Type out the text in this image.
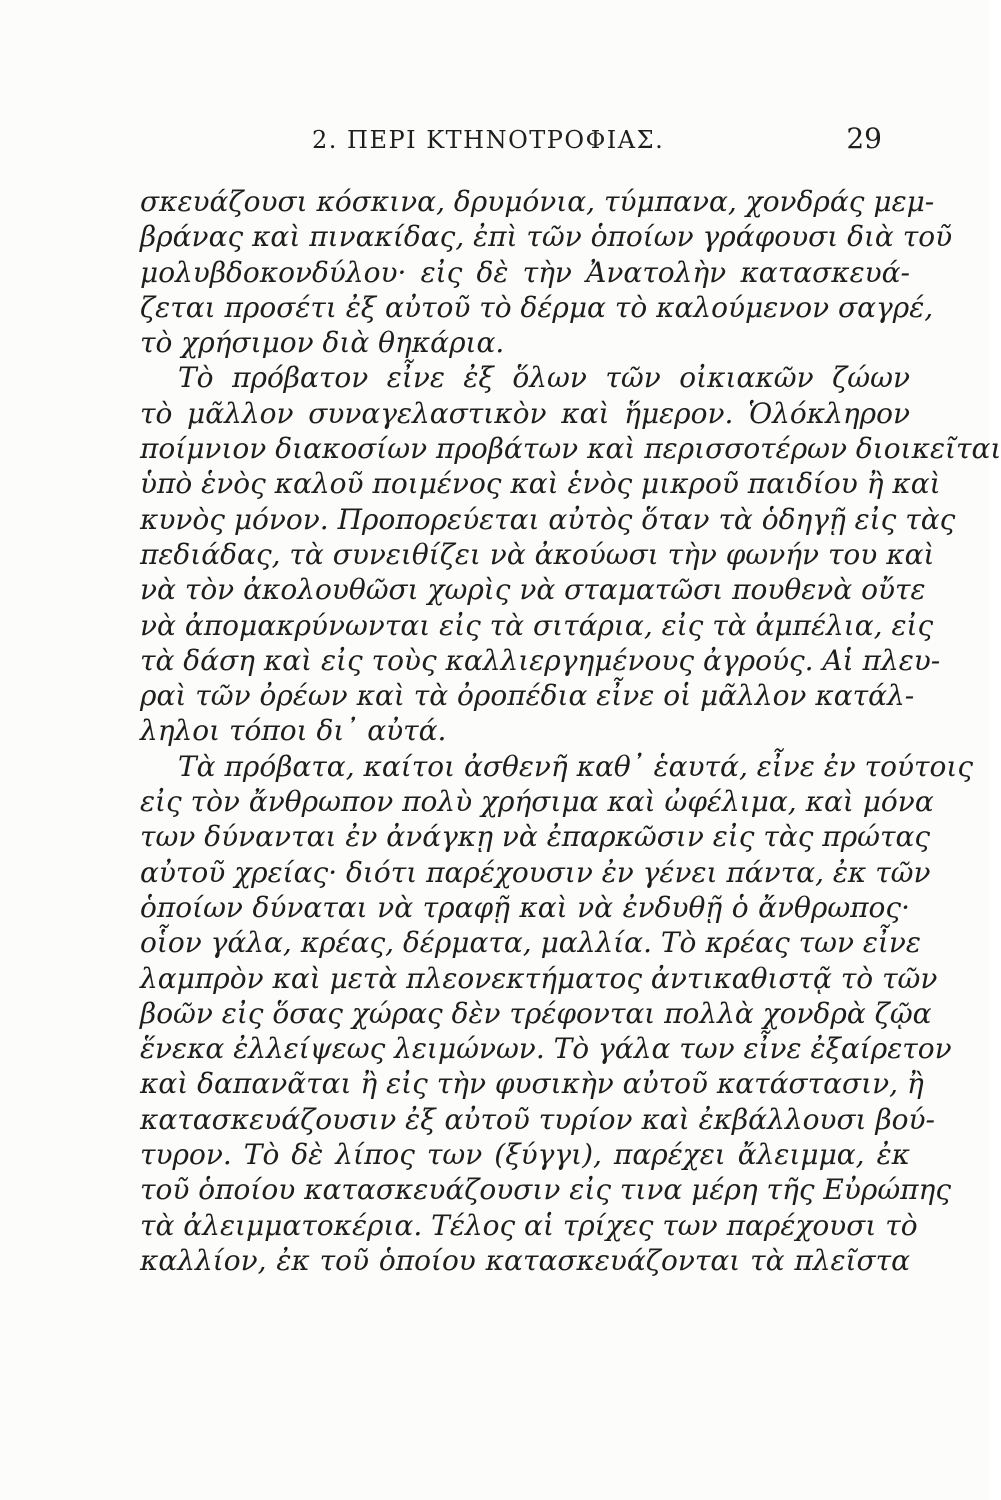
2. ΠΕΡΙ ΚΤΗΝΟΤΡΟΦΙΑΣ.	29
σκευάζουσι κόσκινα, δρυμόνια, τύμπανα, χονδράς μεμ-
βράνας καὶ πινακίδας, ἐπὶ τῶν ὁποίων γράφουσι διὰ τοῦ
μολυβδοκονδύλου· εἰς δὲ τὴν Ἀνατολὴν κατασκευά-
ζεται προσέτι ἐξ αὐτοῦ τὸ δέρμα τὸ καλούμενον σαγρέ,
τὸ χρήσιμον διὰ θηκάρια.
Τὸ πρόβατον εἶνε ἐξ ὅλων τῶν οἰκιακῶν ζώων
τὸ μᾶλλον συναγελαστικὸν καὶ ἥμερον. Ὁλόκληρον
ποίμνιον διακοσίων προβάτων καὶ περισσοτέρων διοικεῖται
ὑπὸ ἑνὸς καλοῦ ποιμένος καὶ ἑνὸς μικροῦ παιδίου ἢ καὶ
κυνὸς μόνον. Προπορεύεται αὐτὸς ὅταν τὰ ὁδηγῇ εἰς τὰς
πεδιάδας, τὰ συνειθίζει νὰ ἀκούωσι τὴν φωνήν του καὶ
νὰ τὸν ἀκολουθῶσι χωρὶς νὰ σταματῶσι πουθενὰ οὔτε
νὰ ἀπομακρύνωνται εἰς τὰ σιτάρια, εἰς τὰ ἀμπέλια, εἰς
τὰ δάση καὶ εἰς τοὺς καλλιεργημένους ἀγρούς. Αἱ πλευ-
ραὶ τῶν ὀρέων καὶ τὰ ὀροπέδια εἶνε οἱ μᾶλλον κατάλ-
ληλοι τόποι δι᾽ αὐτά.
Τὰ πρόβατα, καίτοι ἀσθενῆ καθ᾽ ἑαυτά, εἶνε ἐν τούτοις
εἰς τὸν ἄνθρωπον πολὺ χρήσιμα καὶ ὠφέλιμα, καὶ μόνα
των δύνανται ἐν ἀνάγκῃ νὰ ἐπαρκῶσιν εἰς τὰς πρώτας
αὐτοῦ χρείας· διότι παρέχουσιν ἐν γένει πάντα, ἐκ τῶν
ὁποίων δύναται νὰ τραφῇ καὶ νὰ ἐνδυθῇ ὁ ἄνθρωπος·
οἷον γάλα, κρέας, δέρματα, μαλλία. Τὸ κρέας των εἶνε
λαμπρὸν καὶ μετὰ πλεονεκτήματος ἀντικαθιστᾷ τὸ τῶν
βοῶν εἰς ὅσας χώρας δὲν τρέφονται πολλὰ χονδρὰ ζῷα
ἕνεκα ἐλλείψεως λειμώνων. Τὸ γάλα των εἶνε ἐξαίρετον
καὶ δαπανᾶται ἢ εἰς τὴν φυσικὴν αὐτοῦ κατάστασιν, ἢ
κατασκευάζουσιν ἐξ αὐτοῦ τυρίον καὶ ἐκβάλλουσι βού-
τυρον. Τὸ δὲ λίπος των (ξύγγι), παρέχει ἄλειμμα, ἐκ
τοῦ ὁποίου κατασκευάζουσιν εἰς τινα μέρη τῆς Εὐρώπης
τὰ ἀλειμματοκέρια. Τέλος αἱ τρίχες των παρέχουσι τὸ
καλλίον, ἐκ τοῦ ὁποίου κατασκευάζονται τὰ πλεῖστα
